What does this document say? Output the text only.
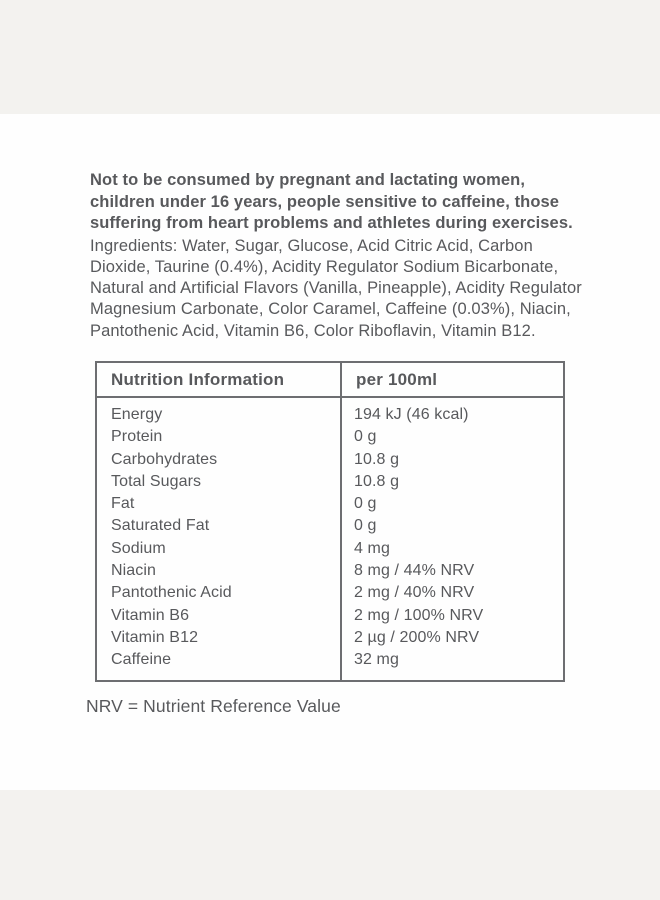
Not to be consumed by pregnant and lactating women, children under 16 years, people sensitive to caffeine, those suffering from heart problems and athletes during exercises.

Ingredients: Water, Sugar, Glucose, Acid Citric Acid, Carbon Dioxide, Taurine (0.4%), Acidity Regulator Sodium Bicarbonate, Natural and Artificial Flavors (Vanilla, Pineapple), Acidity Regulator Magnesium Carbonate, Color Caramel, Caffeine (0.03%), Niacin, Pantothenic Acid, Vitamin B6, Color Riboflavin, Vitamin B12.

Nutrition Information	per 100ml
Energy	194 kJ (46 kcal)
Protein	0 g
Carbohydrates	10.8 g
Total Sugars	10.8 g
Fat	0 g
Saturated Fat	0 g
Sodium	4 mg
Niacin	8 mg / 44% NRV
Pantothenic Acid	2 mg / 40% NRV
Vitamin B6	2 mg / 100% NRV
Vitamin B12	2 µg / 200% NRV
Caffeine	32 mg

NRV = Nutrient Reference Value
